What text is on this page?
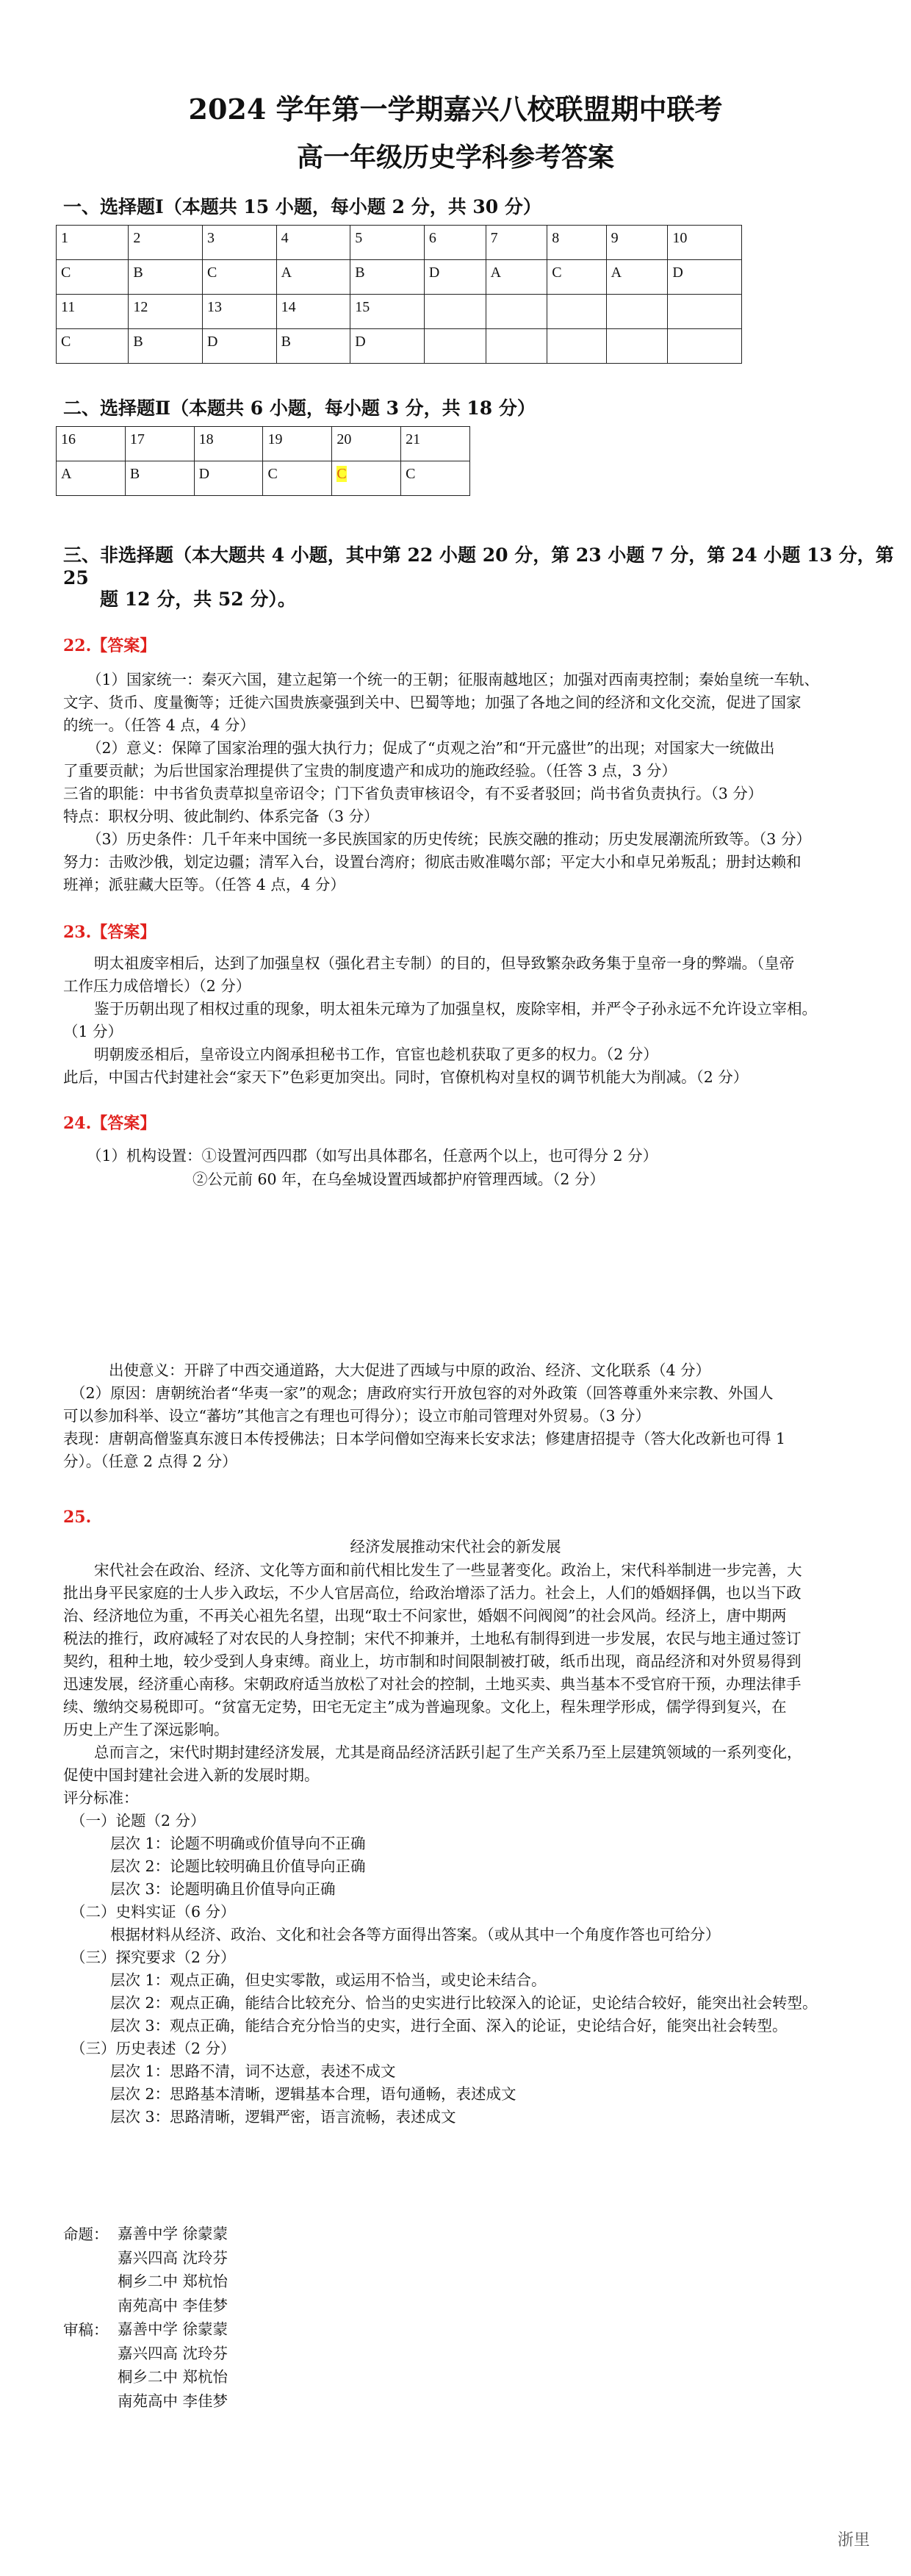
2024 学年第一学期嘉兴八校联盟期中联考
高一年级历史学科参考答案
一、选择题Ⅰ（本题共 15 小题，每小题 2 分，共 30 分）
1	2	3	4	5	6	7	8	9	10
C	B	C	A	B	D	A	C	A	D
11	12	13	14	15					
C	B	D	B	D					
二、选择题Ⅱ（本题共 6 小题，每小题 3 分，共 18 分）
16	17	18	19	20	21
A	B	D	C	C	C
三、非选择题（本大题共 4 小题，其中第 22 小题 20 分，第 23 小题 7 分，第 24 小题 13 分，第 25
题 12 分，共 52 分）。
22.【答案】
（1）国家统一：秦灭六国，建立起第一个统一的王朝；征服南越地区；加强对西南夷控制；秦始皇统一车轨、
文字、货币、度量衡等；迁徙六国贵族豪强到关中、巴蜀等地；加强了各地之间的经济和文化交流，促进了国家
的统一。（任答 4 点，4 分）
（2）意义：保障了国家治理的强大执行力；促成了“贞观之治”和“开元盛世”的出现；对国家大一统做出
了重要贡献；为后世国家治理提供了宝贵的制度遗产和成功的施政经验。（任答 3 点，3 分）
三省的职能：中书省负责草拟皇帝诏令；门下省负责审核诏令，有不妥者驳回；尚书省负责执行。（3 分）
特点：职权分明、彼此制约、体系完备（3 分）
（3）历史条件：几千年来中国统一多民族国家的历史传统；民族交融的推动；历史发展潮流所致等。（3 分）
努力：击败沙俄，划定边疆；清军入台，设置台湾府；彻底击败准噶尔部；平定大小和卓兄弟叛乱；册封达赖和
班禅；派驻藏大臣等。（任答 4 点，4 分）
23.【答案】
明太祖废宰相后，达到了加强皇权（强化君主专制）的目的，但导致繁杂政务集于皇帝一身的弊端。（皇帝
工作压力成倍增长）（2 分）
鉴于历朝出现了相权过重的现象，明太祖朱元璋为了加强皇权，废除宰相，并严令子孙永远不允许设立宰相。
（1 分）
明朝废丞相后，皇帝设立内阁承担秘书工作，官宦也趁机获取了更多的权力。（2 分）
此后，中国古代封建社会“家天下”色彩更加突出。同时，官僚机构对皇权的调节机能大为削减。（2 分）
24.【答案】
（1）机构设置：①设置河西四郡（如写出具体郡名，任意两个以上，也可得分 2 分）
②公元前 60 年，在乌垒城设置西域都护府管理西域。（2 分）
出使意义：开辟了中西交通道路，大大促进了西域与中原的政治、经济、文化联系（4 分）
（2）原因：唐朝统治者“华夷一家”的观念；唐政府实行开放包容的对外政策（回答尊重外来宗教、外国人
可以参加科举、设立“蕃坊”其他言之有理也可得分）；设立市舶司管理对外贸易。（3 分）
表现：唐朝高僧鉴真东渡日本传授佛法；日本学问僧如空海来长安求法；修建唐招提寺（答大化改新也可得 1
分）。（任意 2 点得 2 分）
25.
经济发展推动宋代社会的新发展
宋代社会在政治、经济、文化等方面和前代相比发生了一些显著变化。政治上，宋代科举制进一步完善，大
批出身平民家庭的士人步入政坛，不少人官居高位，给政治增添了活力。社会上，人们的婚姻择偶，也以当下政
治、经济地位为重，不再关心祖先名望，出现“取士不问家世，婚姻不问阀阅”的社会风尚。经济上，唐中期两
税法的推行，政府减轻了对农民的人身控制；宋代不抑兼并，土地私有制得到进一步发展，农民与地主通过签订
契约，租种土地，较少受到人身束缚。商业上，坊市制和时间限制被打破，纸币出现，商品经济和对外贸易得到
迅速发展，经济重心南移。宋朝政府适当放松了对社会的控制，土地买卖、典当基本不受官府干预，办理法律手
续、缴纳交易税即可。“贫富无定势，田宅无定主”成为普遍现象。文化上，程朱理学形成，儒学得到复兴，在
历史上产生了深远影响。
总而言之，宋代时期封建经济发展，尤其是商品经济活跃引起了生产关系乃至上层建筑领域的一系列变化，
促使中国封建社会进入新的发展时期。
评分标准：
（一）论题（2 分）
层次 1：论题不明确或价值导向不正确
层次 2：论题比较明确且价值导向正确
层次 3：论题明确且价值导向正确
（二）史料实证（6 分）
根据材料从经济、政治、文化和社会各等方面得出答案。（或从其中一个角度作答也可给分）
（三）探究要求（2 分）
层次 1：观点正确，但史实零散，或运用不恰当，或史论未结合。
层次 2：观点正确，能结合比较充分、恰当的史实进行比较深入的论证，史论结合较好，能突出社会转型。
层次 3：观点正确，能结合充分恰当的史实，进行全面、深入的论证，史论结合好，能突出社会转型。
（三）历史表述（2 分）
层次 1：思路不清，词不达意，表述不成文
层次 2：思路基本清晰，逻辑基本合理，语句通畅，表述成文
层次 3：思路清晰，逻辑严密，语言流畅，表述成文
命题： 嘉善中学 徐蒙蒙
嘉兴四高 沈玲芬
桐乡二中 郑杭怡
南苑高中 李佳梦
审稿： 嘉善中学 徐蒙蒙
嘉兴四高 沈玲芬
桐乡二中 郑杭怡
南苑高中 李佳梦
浙里
